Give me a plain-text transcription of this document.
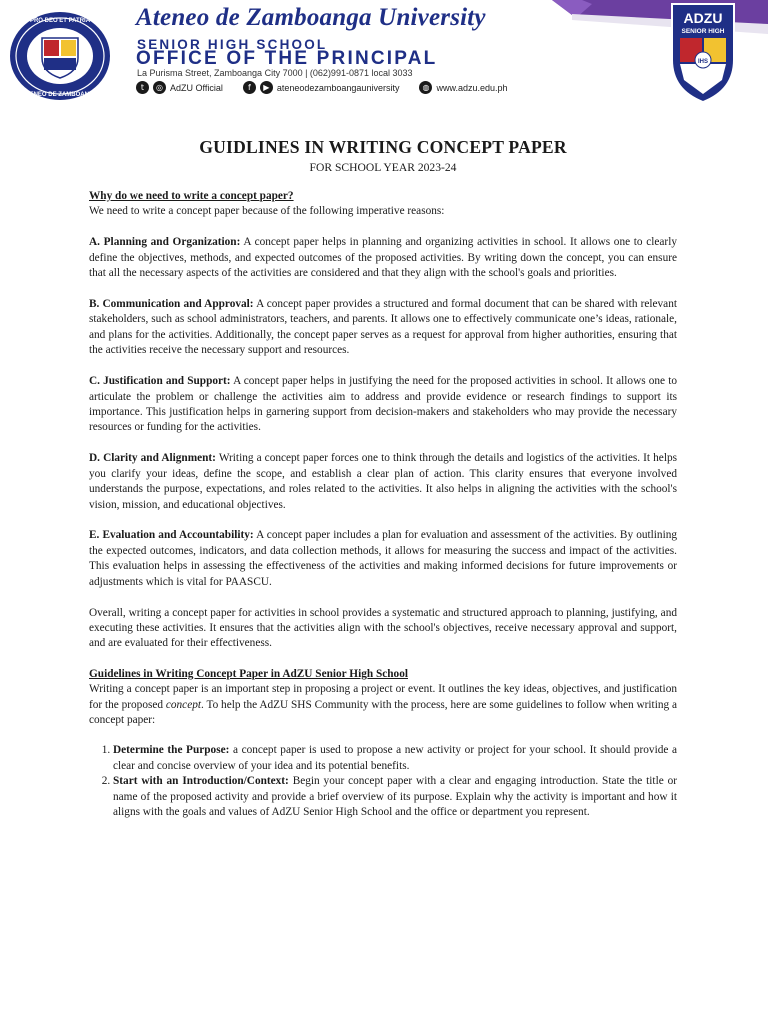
PRO DEO ET PATRIA
ATENEO DE ZAMBOANGA
Ateneo de Zamboanga University
SENIOR HIGH SCHOOL
OFFICE OF THE PRINCIPAL
La Purisma Street, Zamboanga City 7000 | (062)991-0871 local 3033
t	◎ AdZU Official	f	▶ ateneodezamboangauniversity	◍ www.adzu.edu.ph
ADZU
SENIOR HIGH
IHS
GUIDLINES IN WRITING CONCEPT PAPER
FOR SCHOOL YEAR 2023-24
Why do we need to write a concept paper?

We need to write a concept paper because of the following imperative reasons:

A. Planning and Organization: A concept paper helps in planning and organizing activities in school. It allows one to clearly define the objectives, methods, and expected outcomes of the proposed activities. By writing down the concept, you can ensure that all the necessary aspects of the activities are considered and that they align with the school's goals and priorities.

B. Communication and Approval: A concept paper provides a structured and formal document that can be shared with relevant stakeholders, such as school administrators, teachers, and parents. It allows one to effectively communicate one’s ideas, rationale, and plans for the activities. Additionally, the concept paper serves as a request for approval from higher authorities, ensuring that the activities receive the necessary support and resources.

C. Justification and Support: A concept paper helps in justifying the need for the proposed activities in school. It allows one to articulate the problem or challenge the activities aim to address and provide evidence or research findings to support its importance. This justification helps in garnering support from decision-makers and stakeholders who may provide the necessary resources or funding for the activities.

D. Clarity and Alignment: Writing a concept paper forces one to think through the details and logistics of the activities. It helps you clarify your ideas, define the scope, and establish a clear plan of action. This clarity ensures that everyone involved understands the purpose, expectations, and roles related to the activities. It also helps in aligning the activities with the school's vision, mission, and educational objectives.

E. Evaluation and Accountability: A concept paper includes a plan for evaluation and assessment of the activities. By outlining the expected outcomes, indicators, and data collection methods, it allows for measuring the success and impact of the activities. This evaluation helps in assessing the effectiveness of the activities and making informed decisions for future improvements or adjustments which is vital for PAASCU.

Overall, writing a concept paper for activities in school provides a systematic and structured approach to planning, justifying, and executing these activities. It ensures that the activities align with the school's objectives, receive necessary approval and support, and are evaluated for their effectiveness.

Guidelines in Writing Concept Paper in AdZU Senior High School

Writing a concept paper is an important step in proposing a project or event. It outlines the key ideas, objectives, and justification for the proposed concept. To help the AdZU SHS Community with the process, here are some guidelines to follow when writing a concept paper:

1. Determine the Purpose: a concept paper is used to propose a new activity or project for your school. It should provide a clear and concise overview of your idea and its potential benefits.
2. Start with an Introduction/Context: Begin your concept paper with a clear and engaging introduction. State the title or name of the proposed activity and provide a brief overview of its purpose. Explain why the activity is important and how it aligns with the goals and values of AdZU Senior High School and the office or department you represent.
